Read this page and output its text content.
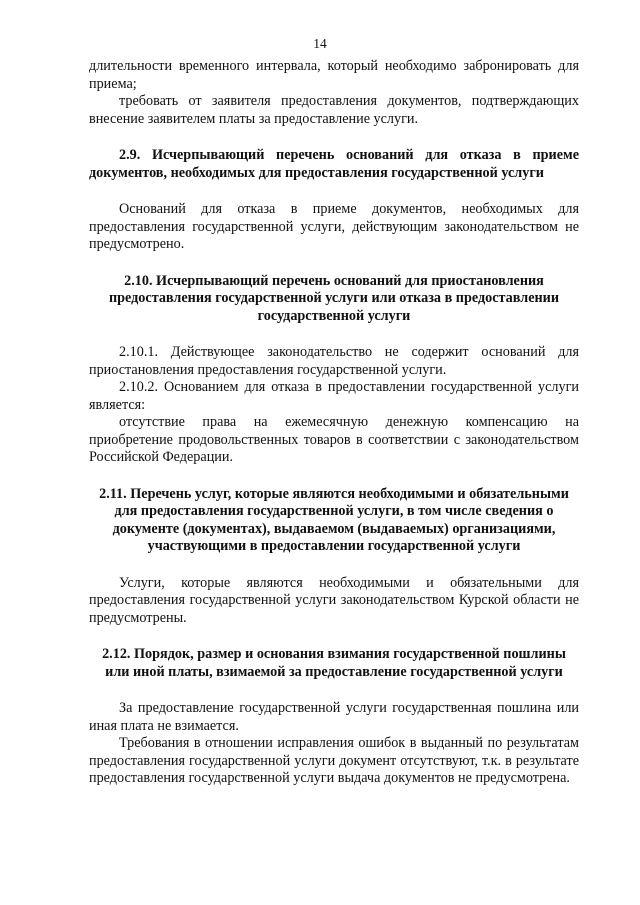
14

длительности временного интервала, который необходимо забронировать для приема;

требовать от заявителя предоставления документов, подтверждающих внесение заявителем платы за предоставление услуги.

2.9. Исчерпывающий перечень оснований для отказа в приеме документов, необходимых для предоставления государственной услуги

Оснований для отказа в приеме документов, необходимых для предоставления государственной услуги, действующим законодательством не предусмотрено.

2.10. Исчерпывающий перечень оснований для приостановления предоставления государственной услуги или отказа в предоставлении государственной услуги

2.10.1. Действующее законодательство не содержит оснований для приостановления предоставления государственной услуги.

2.10.2. Основанием для отказа в предоставлении государственной услуги является:

отсутствие права на ежемесячную денежную компенсацию на приобретение продовольственных товаров в соответствии с законодательством Российской Федерации.

2.11. Перечень услуг, которые являются необходимыми и обязательными для предоставления государственной услуги, в том числе сведения о документе (документах), выдаваемом (выдаваемых) организациями, участвующими в предоставлении государственной услуги

Услуги, которые являются необходимыми и обязательными для предоставления государственной услуги законодательством Курской области не предусмотрены.

2.12. Порядок, размер и основания взимания государственной пошлины или иной платы, взимаемой за предоставление государственной услуги

За предоставление государственной услуги государственная пошлина или иная плата не взимается.

Требования в отношении исправления ошибок в выданный по результатам предоставления государственной услуги документ отсутствуют, т.к. в результате предоставления государственной услуги выдача документов не предусмотрена.
